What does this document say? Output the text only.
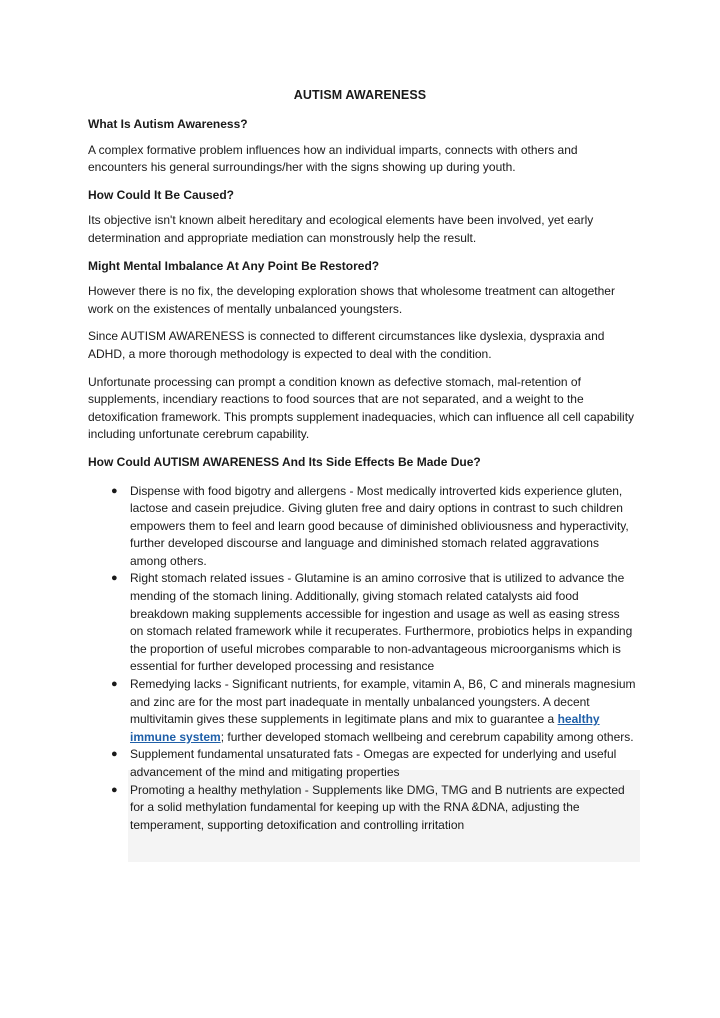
AUTISM AWARENESS

What Is Autism Awareness?

A complex formative problem influences how an individual imparts, connects with others and encounters his general surroundings/her with the signs showing up during youth.

How Could It Be Caused?

Its objective isn't known albeit hereditary and ecological elements have been involved, yet early determination and appropriate mediation can monstrously help the result.

Might Mental Imbalance At Any Point Be Restored?

However there is no fix, the developing exploration shows that wholesome treatment can altogether work on the existences of mentally unbalanced youngsters.

Since AUTISM AWARENESS is connected to different circumstances like dyslexia, dyspraxia and ADHD, a more thorough methodology is expected to deal with the condition.

Unfortunate processing can prompt a condition known as defective stomach, mal-retention of supplements, incendiary reactions to food sources that are not separated, and a weight to the detoxification framework. This prompts supplement inadequacies, which can influence all cell capability including unfortunate cerebrum capability.

How Could AUTISM AWARENESS And Its Side Effects Be Made Due?

● Dispense with food bigotry and allergens - Most medically introverted kids experience gluten, lactose and casein prejudice. Giving gluten free and dairy options in contrast to such children empowers them to feel and learn good because of diminished obliviousness and hyperactivity, further developed discourse and language and diminished stomach related aggravations among others.
● Right stomach related issues - Glutamine is an amino corrosive that is utilized to advance the mending of the stomach lining. Additionally, giving stomach related catalysts aid food breakdown making supplements accessible for ingestion and usage as well as easing stress on stomach related framework while it recuperates. Furthermore, probiotics helps in expanding the proportion of useful microbes comparable to non-advantageous microorganisms which is essential for further developed processing and resistance
● Remedying lacks - Significant nutrients, for example, vitamin A, B6, C and minerals magnesium and zinc are for the most part inadequate in mentally unbalanced youngsters. A decent multivitamin gives these supplements in legitimate plans and mix to guarantee a healthy immune system; further developed stomach wellbeing and cerebrum capability among others.
● Supplement fundamental unsaturated fats - Omegas are expected for underlying and useful advancement of the mind and mitigating properties
● Promoting a healthy methylation - Supplements like DMG, TMG and B nutrients are expected for a solid methylation fundamental for keeping up with the RNA &DNA, adjusting the temperament, supporting detoxification and controlling irritation
